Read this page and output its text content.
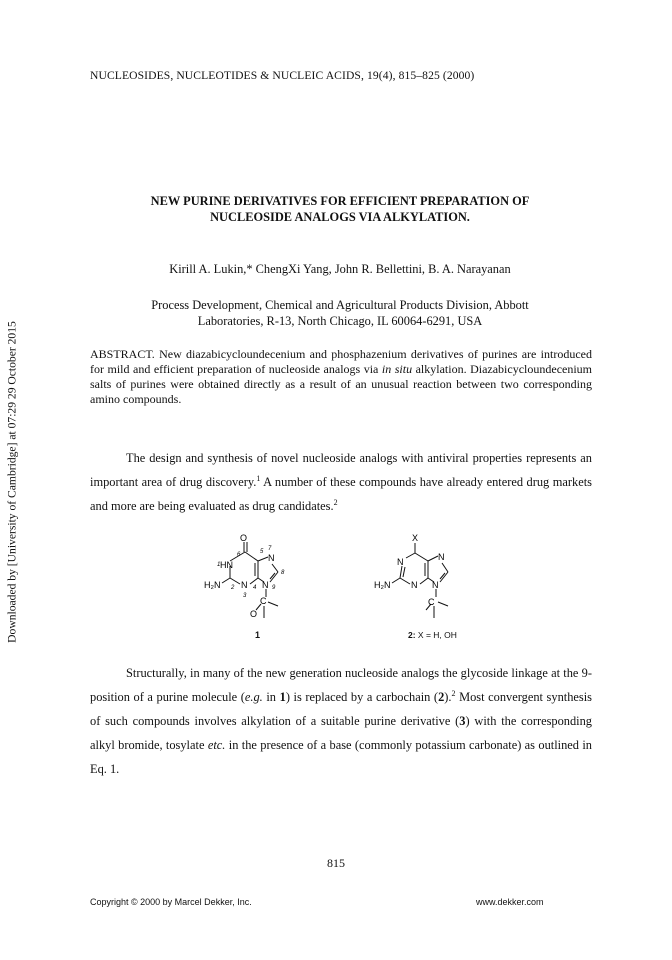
NUCLEOSIDES, NUCLEOTIDES & NUCLEIC ACIDS, 19(4), 815–825 (2000)
Downloaded by [University of Cambridge] at 07:29 29 October 2015
NEW PURINE DERIVATIVES FOR EFFICIENT PREPARATION OF
NUCLEOSIDE ANALOGS VIA ALKYLATION.
Kirill A. Lukin,* ChengXi Yang, John R. Bellettini, B. A. Narayanan
Process Development, Chemical and Agricultural Products Division, Abbott
Laboratories, R-13, North Chicago, IL 60064-6291, USA
ABSTRACT. New diazabicycloundecenium and phosphazenium derivatives of purines are introduced for mild and efficient preparation of nucleoside analogs via in situ alkylation. Diazabicycloundecenium salts of purines were obtained directly as a result of an unusual reaction between two corresponding amino compounds.
The design and synthesis of novel nucleoside analogs with antiviral properties represents an important area of drug discovery.$^1$ A number of these compounds have already entered drug markets and more are being evaluated as drug candidates.$^2$
O
HN
N
H₂N N N
C
O
1
6	5 7
8
2	4	9
3
1
X
N	N
H₂N N N
C
2: X = H, OH
Structurally, in many of the new generation nucleoside analogs the glycoside linkage at the 9-position of a purine molecule (e.g. in 1) is replaced by a carbochain (2).$^2$ Most convergent synthesis of such compounds involves alkylation of a suitable purine derivative (3) with the corresponding alkyl bromide, tosylate etc. in the presence of a base (commonly potassium carbonate) as outlined in Eq. 1.
815
Copyright © 2000 by Marcel Dekker, Inc.	www.dekker.com
